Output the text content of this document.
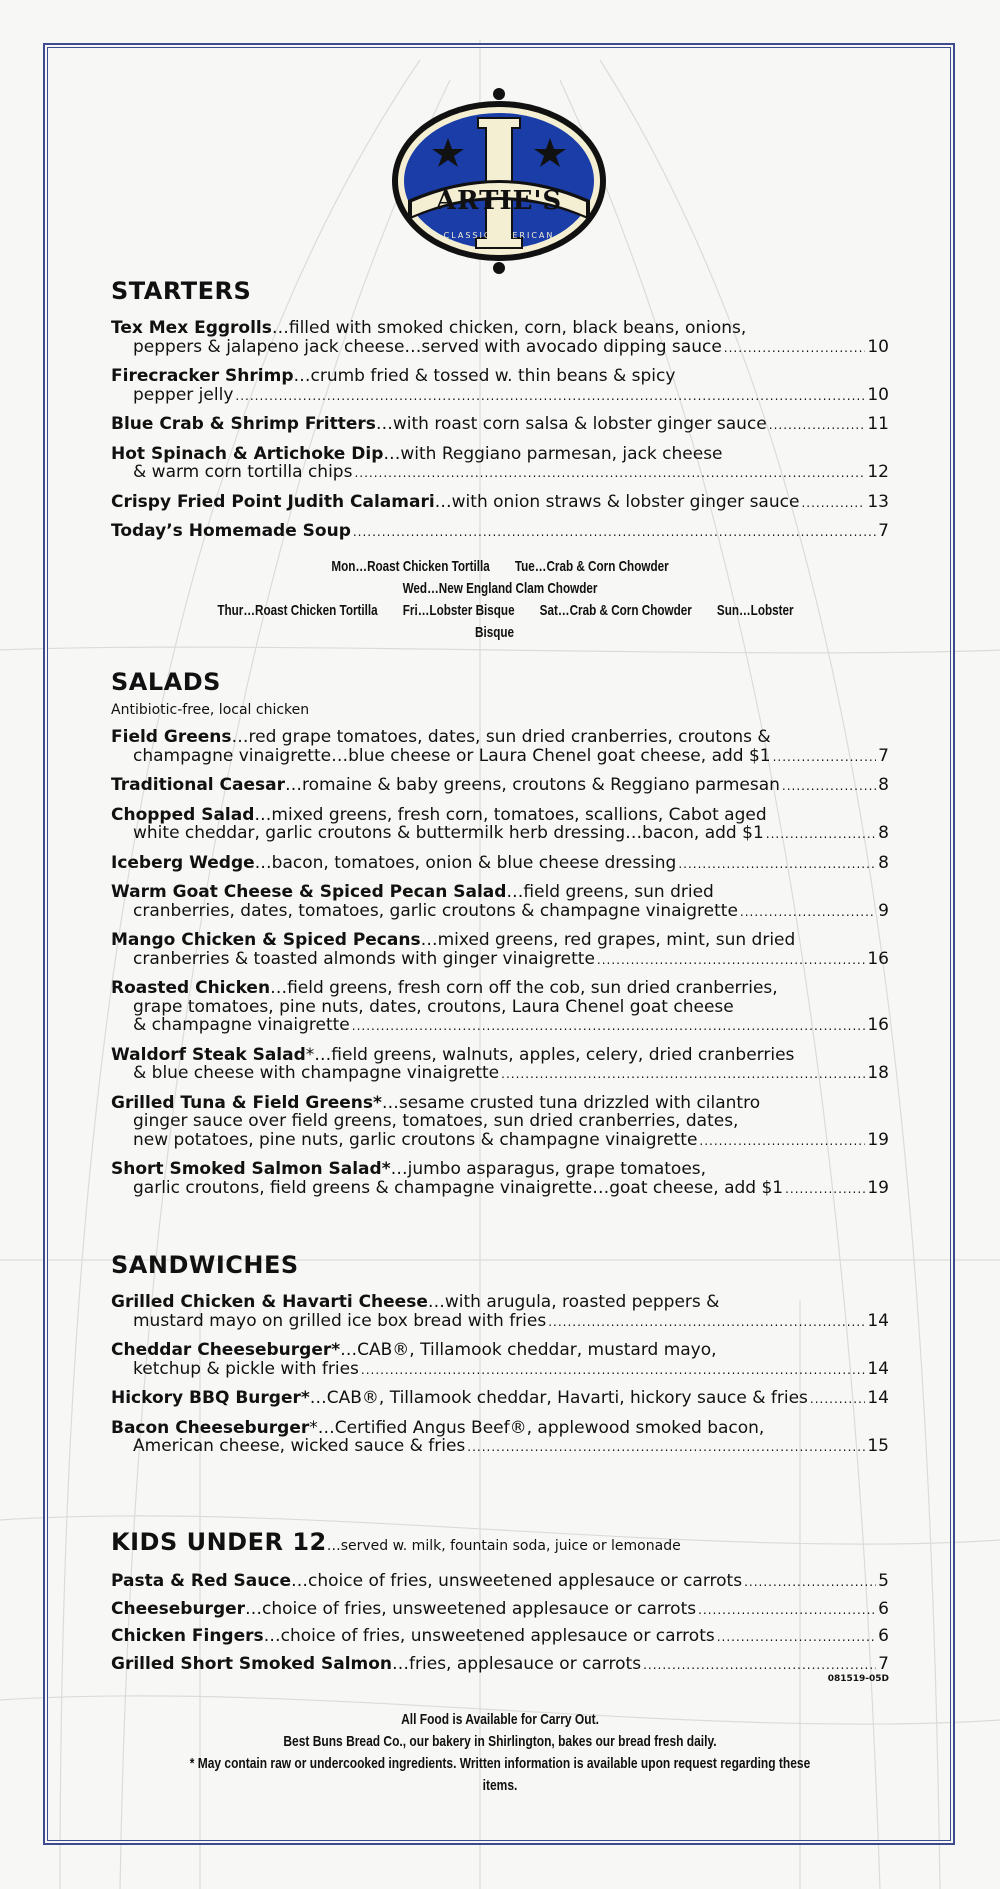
ARTIE'S
CLASSIC AMERICAN
STARTERS
Tex Mex Eggrolls…filled with smoked chicken, corn, black beans, onions,
peppers & jalapeno jack cheese…served with avocado dipping sauce .....	10
Firecracker Shrimp…crumb fried & tossed w. thin beans & spicy
pepper jelly .....	10
Blue Crab & Shrimp Fritters…with roast corn salsa & lobster ginger sauce .....	11
Hot Spinach & Artichoke Dip…with Reggiano parmesan, jack cheese
& warm corn tortilla chips .....	12
Crispy Fried Point Judith Calamari…with onion straws & lobster ginger sauce .....	13
Today’s Homemade Soup .....	7
Mon…Roast Chicken Tortilla Tue…Crab & Corn Chowder
Wed…New England Clam Chowder
Thur…Roast Chicken Tortilla Fri…Lobster Bisque Sat…Crab & Corn Chowder Sun…Lobster Bisque
SALADS
Antibiotic-free, local chicken
Field Greens…red grape tomatoes, dates, sun dried cranberries, croutons &
champagne vinaigrette…blue cheese or Laura Chenel goat cheese, add $1 .....	7
Traditional Caesar…romaine & baby greens, croutons & Reggiano parmesan .....	8
Chopped Salad…mixed greens, fresh corn, tomatoes, scallions, Cabot aged
white cheddar, garlic croutons & buttermilk herb dressing…bacon, add $1 .....	8
Iceberg Wedge…bacon, tomatoes, onion & blue cheese dressing .....	8
Warm Goat Cheese & Spiced Pecan Salad…field greens, sun dried
cranberries, dates, tomatoes, garlic croutons & champagne vinaigrette .....	9
Mango Chicken & Spiced Pecans…mixed greens, red grapes, mint, sun dried
cranberries & toasted almonds with ginger vinaigrette .....	16
Roasted Chicken…field greens, fresh corn off the cob, sun dried cranberries,
grape tomatoes, pine nuts, dates, croutons, Laura Chenel goat cheese
& champagne vinaigrette .....	16
Waldorf Steak Salad*…field greens, walnuts, apples, celery, dried cranberries
& blue cheese with champagne vinaigrette .....	18
Grilled Tuna & Field Greens*…sesame crusted tuna drizzled with cilantro
ginger sauce over field greens, tomatoes, sun dried cranberries, dates,
new potatoes, pine nuts, garlic croutons & champagne vinaigrette .....	19
Short Smoked Salmon Salad*…jumbo asparagus, grape tomatoes,
garlic croutons, field greens & champagne vinaigrette…goat cheese, add $1 .....	19
SANDWICHES
Grilled Chicken & Havarti Cheese…with arugula, roasted peppers &
mustard mayo on grilled ice box bread with fries .....	14
Cheddar Cheeseburger*…CAB®, Tillamook cheddar, mustard mayo,
ketchup & pickle with fries .....	14
Hickory BBQ Burger*…CAB®, Tillamook cheddar, Havarti, hickory sauce & fries .....	14
Bacon Cheeseburger*…Certified Angus Beef®, applewood smoked bacon,
American cheese, wicked sauce & fries .....	15
KIDS UNDER 12 …served w. milk, fountain soda, juice or lemonade
Pasta & Red Sauce…choice of fries, unsweetened applesauce or carrots .....	5
Cheeseburger…choice of fries, unsweetened applesauce or carrots .....	6
Chicken Fingers…choice of fries, unsweetened applesauce or carrots .....	6
Grilled Short Smoked Salmon…fries, applesauce or carrots .....	7
081519-05D
All Food is Available for Carry Out.
Best Buns Bread Co., our bakery in Shirlington, bakes our bread fresh daily.
* May contain raw or undercooked ingredients. Written information is available upon request regarding these items.
